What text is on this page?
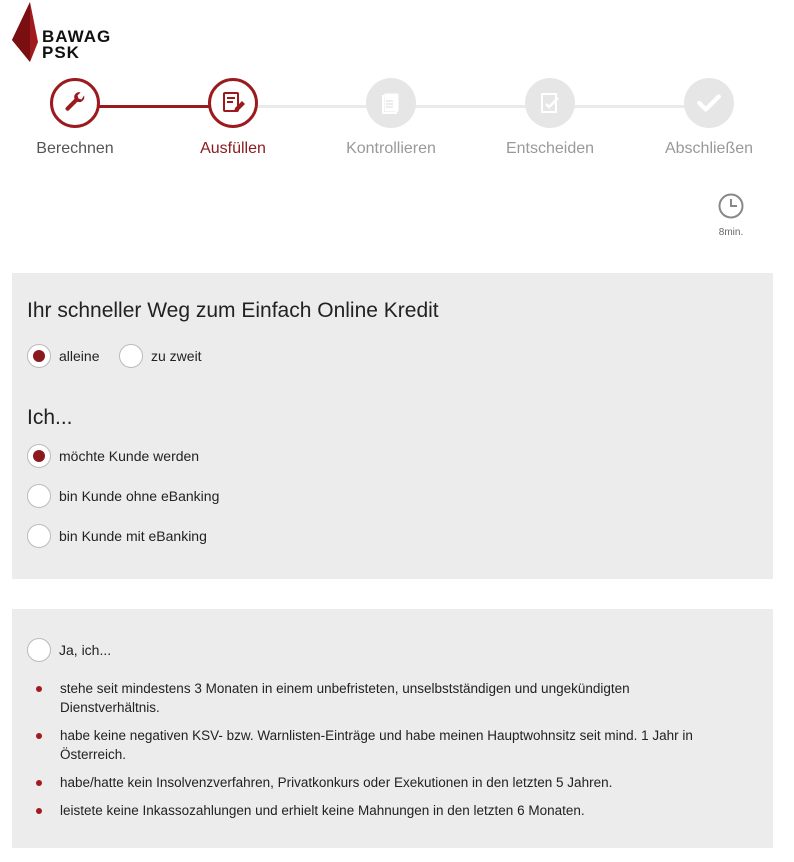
BAWAG
PSK
Berechnen	Ausfüllen	Kontrollieren	Entscheiden	Abschließen
8min.
Ihr schneller Weg zum Einfach Online Kredit
alleine	zu zweit
Ich...
möchte Kunde werden
bin Kunde ohne eBanking
bin Kunde mit eBanking
Ja, ich...
stehe seit mindestens 3 Monaten in einem unbefristeten, unselbstständigen und ungekündigten Dienstverhältnis.
habe keine negativen KSV- bzw. Warnlisten-Einträge und habe meinen Hauptwohnsitz seit mind. 1 Jahr in Österreich.
habe/hatte kein Insolvenzverfahren, Privatkonkurs oder Exekutionen in den letzten 5 Jahren.
leistete keine Inkassozahlungen und erhielt keine Mahnungen in den letzten 6 Monaten.
